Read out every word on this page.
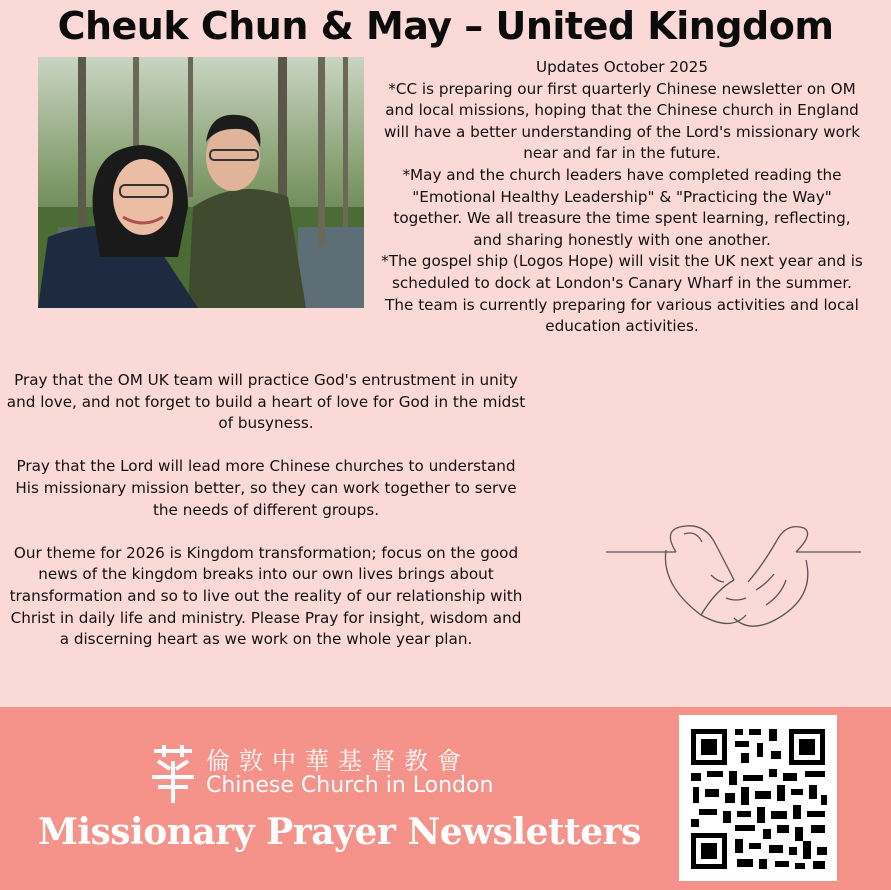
Cheuk Chun & May – United Kingdom

Updates October 2025

*CC is preparing our first quarterly Chinese newsletter on OM and local missions, hoping that the Chinese church in England will have a better understanding of the Lord's missionary work near and far in the future.

*May and the church leaders have completed reading the "Emotional Healthy Leadership" & "Practicing the Way" together. We all treasure the time spent learning, reflecting, and sharing honestly with one another.

*The gospel ship (Logos Hope) will visit the UK next year and is scheduled to dock at London's Canary Wharf in the summer. The team is currently preparing for various activities and local education activities.

Pray that the OM UK team will practice God's entrustment in unity and love, and not forget to build a heart of love for God in the midst of busyness.

Pray that the Lord will lead more Chinese churches to understand His missionary mission better, so they can work together to serve the needs of different groups.

Our theme for 2026 is Kingdom transformation; focus on the good news of the kingdom breaks into our own lives brings about transformation and so to live out the reality of our relationship with Christ in daily life and ministry. Please Pray for insight, wisdom and a discerning heart as we work on the whole year plan.

倫敦中華基督教會
Chinese Church in London
Missionary Prayer Newsletters
